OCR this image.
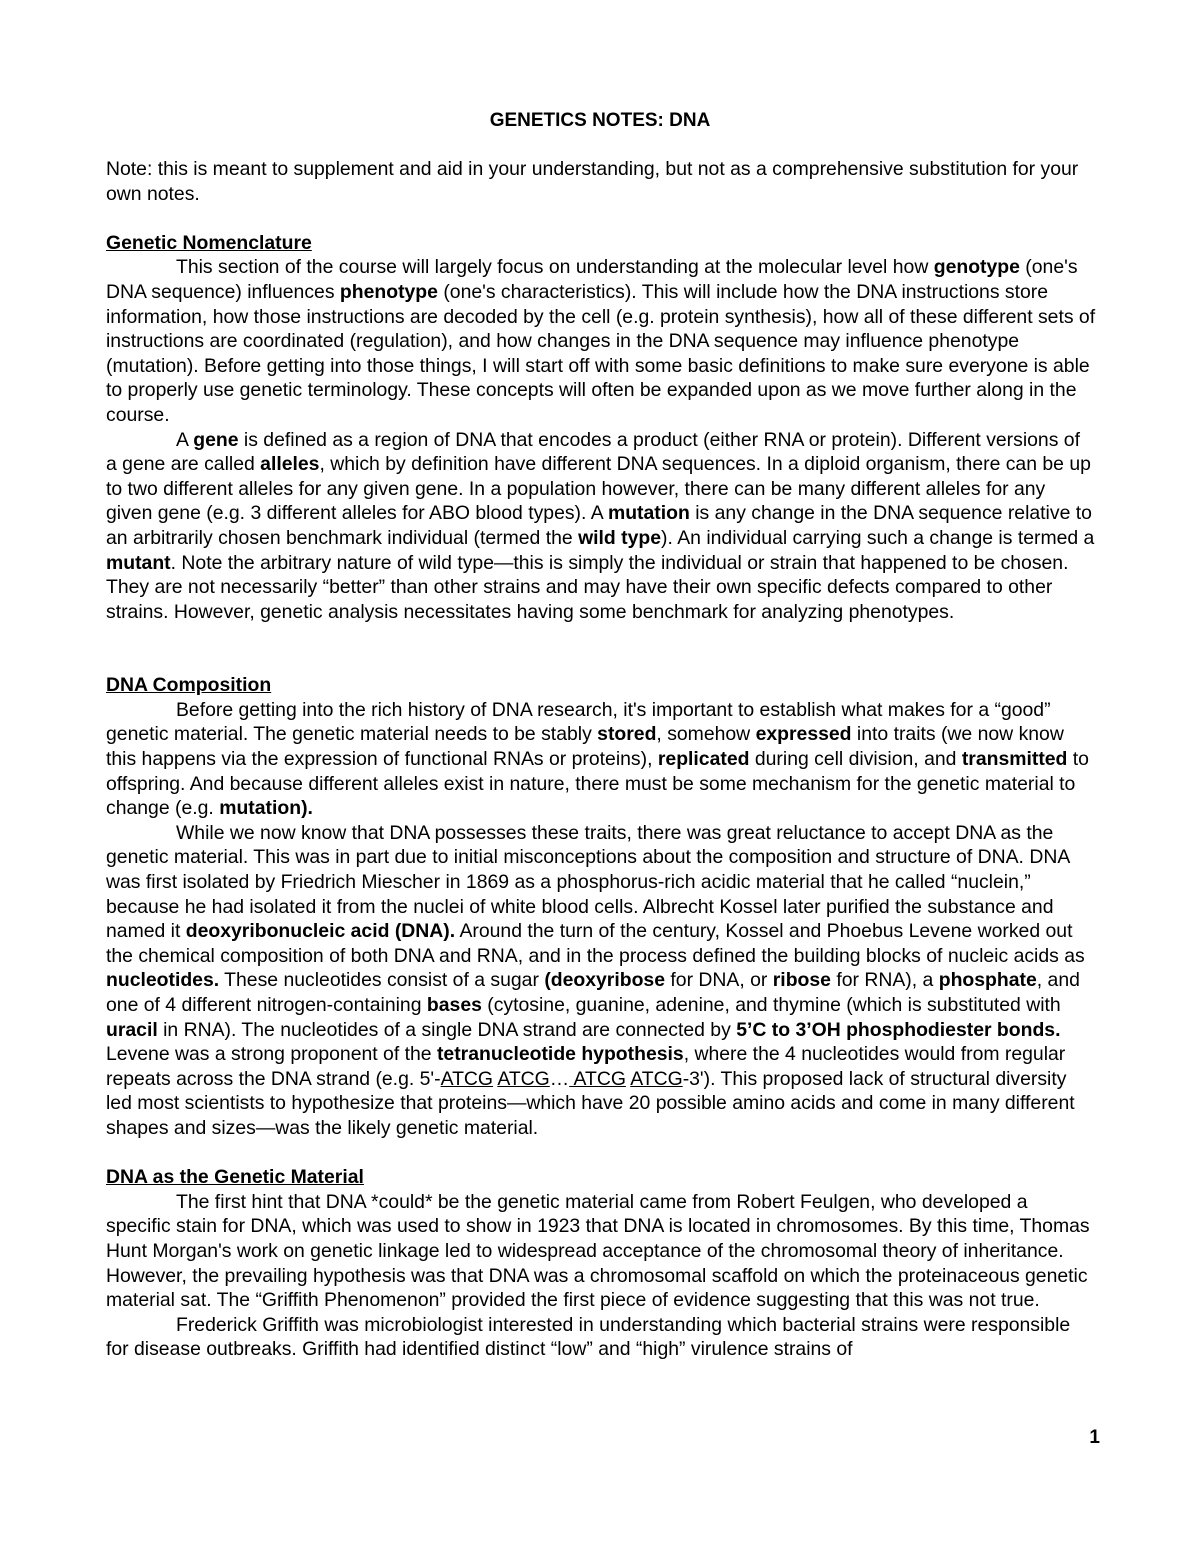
GENETICS NOTES: DNA

Note: this is meant to supplement and aid in your understanding, but not as a comprehensive substitution for your own notes.

Genetic Nomenclature

This section of the course will largely focus on understanding at the molecular level how genotype (one's DNA sequence) influences phenotype (one's characteristics). This will include how the DNA instructions store information, how those instructions are decoded by the cell (e.g. protein synthesis), how all of these different sets of instructions are coordinated (regulation), and how changes in the DNA sequence may influence phenotype (mutation). Before getting into those things, I will start off with some basic definitions to make sure everyone is able to properly use genetic terminology. These concepts will often be expanded upon as we move further along in the course.

A gene is defined as a region of DNA that encodes a product (either RNA or protein). Different versions of a gene are called alleles, which by definition have different DNA sequences. In a diploid organism, there can be up to two different alleles for any given gene. In a population however, there can be many different alleles for any given gene (e.g. 3 different alleles for ABO blood types). A mutation is any change in the DNA sequence relative to an arbitrarily chosen benchmark individual (termed the wild type). An individual carrying such a change is termed a mutant. Note the arbitrary nature of wild type—this is simply the individual or strain that happened to be chosen. They are not necessarily “better” than other strains and may have their own specific defects compared to other strains. However, genetic analysis necessitates having some benchmark for analyzing phenotypes.

DNA Composition

Before getting into the rich history of DNA research, it's important to establish what makes for a “good” genetic material. The genetic material needs to be stably stored, somehow expressed into traits (we now know this happens via the expression of functional RNAs or proteins), replicated during cell division, and transmitted to offspring. And because different alleles exist in nature, there must be some mechanism for the genetic material to change (e.g. mutation).

While we now know that DNA possesses these traits, there was great reluctance to accept DNA as the genetic material. This was in part due to initial misconceptions about the composition and structure of DNA. DNA was first isolated by Friedrich Miescher in 1869 as a phosphorus-rich acidic material that he called “nuclein,” because he had isolated it from the nuclei of white blood cells. Albrecht Kossel later purified the substance and named it deoxyribonucleic acid (DNA). Around the turn of the century, Kossel and Phoebus Levene worked out the chemical composition of both DNA and RNA, and in the process defined the building blocks of nucleic acids as nucleotides. These nucleotides consist of a sugar (deoxyribose for DNA, or ribose for RNA), a phosphate, and one of 4 different nitrogen-containing bases (cytosine, guanine, adenine, and thymine (which is substituted with uracil in RNA). The nucleotides of a single DNA strand are connected by 5’C to 3’OH phosphodiester bonds. Levene was a strong proponent of the tetranucleotide hypothesis, where the 4 nucleotides would from regular repeats across the DNA strand (e.g. 5'-ATCG ATCG… ATCG ATCG-3'). This proposed lack of structural diversity led most scientists to hypothesize that proteins—which have 20 possible amino acids and come in many different shapes and sizes—was the likely genetic material.

DNA as the Genetic Material

The first hint that DNA *could* be the genetic material came from Robert Feulgen, who developed a specific stain for DNA, which was used to show in 1923 that DNA is located in chromosomes. By this time, Thomas Hunt Morgan's work on genetic linkage led to widespread acceptance of the chromosomal theory of inheritance. However, the prevailing hypothesis was that DNA was a chromosomal scaffold on which the proteinaceous genetic material sat. The “Griffith Phenomenon” provided the first piece of evidence suggesting that this was not true.

Frederick Griffith was microbiologist interested in understanding which bacterial strains were responsible for disease outbreaks. Griffith had identified distinct “low” and “high” virulence strains of

1
